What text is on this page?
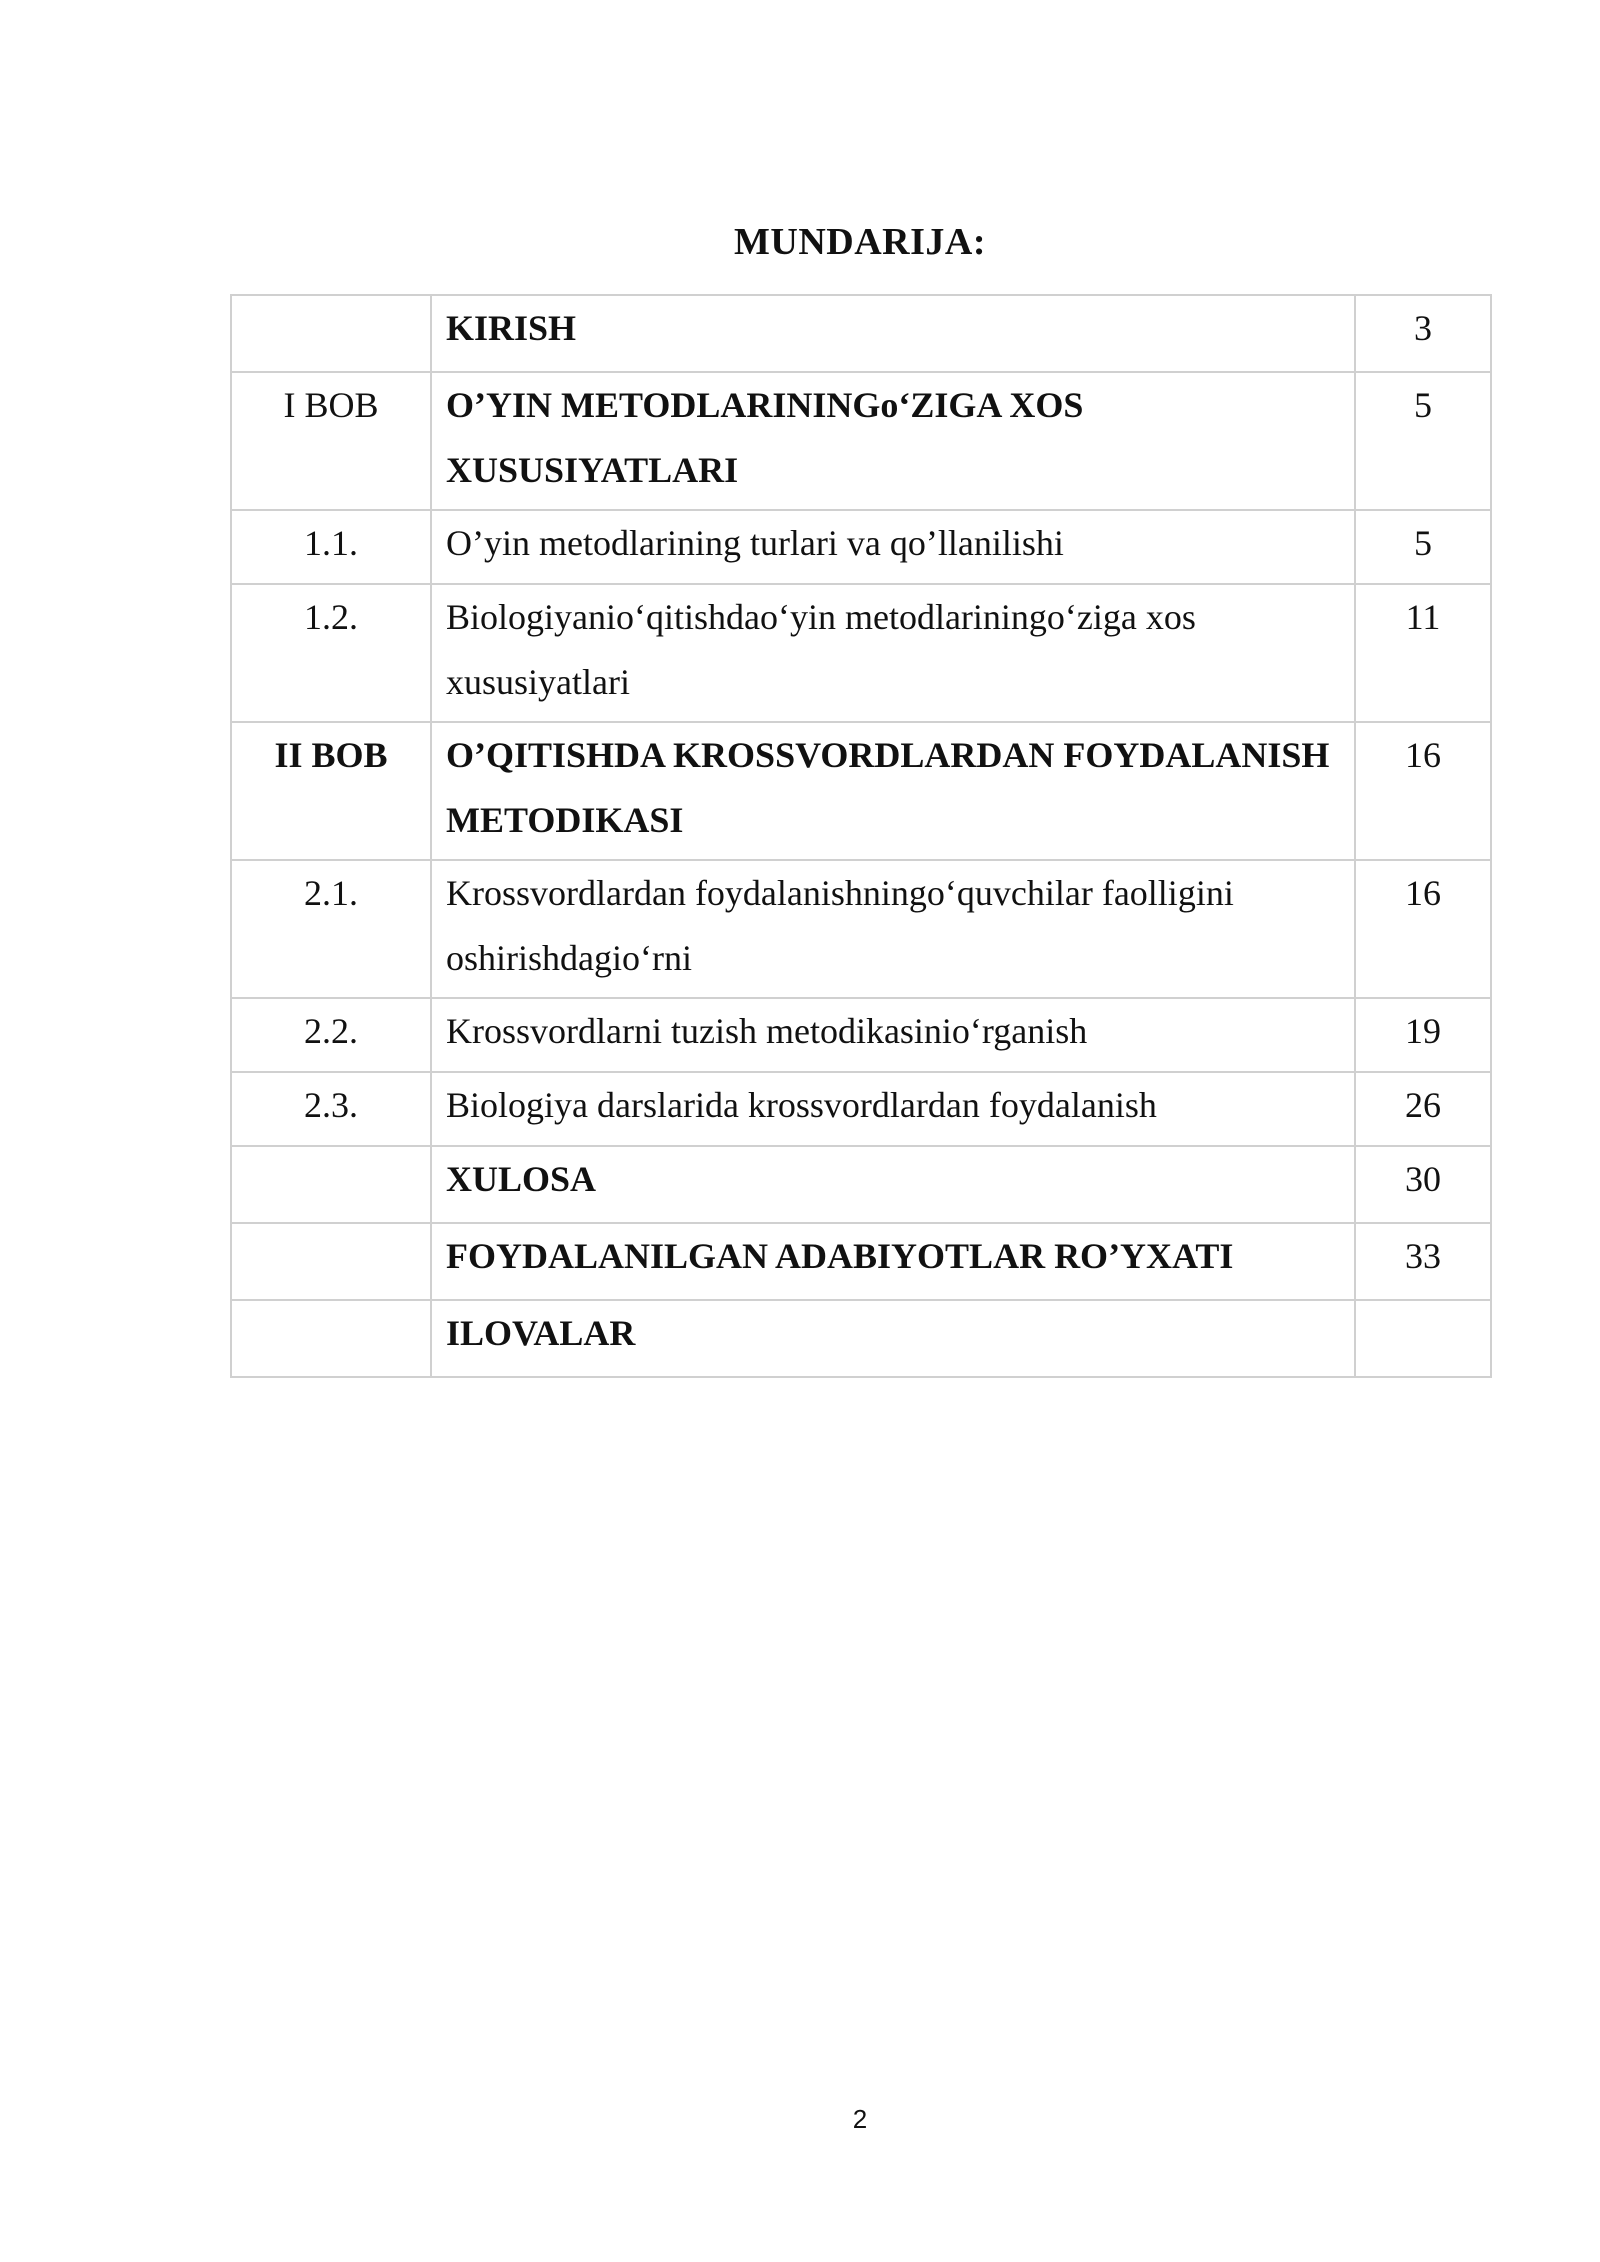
MUNDARIJA:
	KIRISH	3
I BOB	O’YIN METODLARININGo‘ZIGA XOS XUSUSIYATLARI	5
1.1.	O’yin metodlarining turlari va qo’llanilishi	5
1.2.	Biologiyanio‘qitishdao‘yin metodlariningo‘ziga xos xususiyatlari	11
II BOB	O’QITISHDA KROSSVORDLARDAN FOYDALANISH METODIKASI	16
2.1.	Krossvordlardan foydalanishningo‘quvchilar faolligini oshirishdagio‘rni	16
2.2.	Krossvordlarni tuzish metodikasinio‘rganish	19
2.3.	Biologiya darslarida krossvordlardan foydalanish	26
	XULOSA	30
	FOYDALANILGAN ADABIYOTLAR RO’YXATI	33
	ILOVALAR	
2
